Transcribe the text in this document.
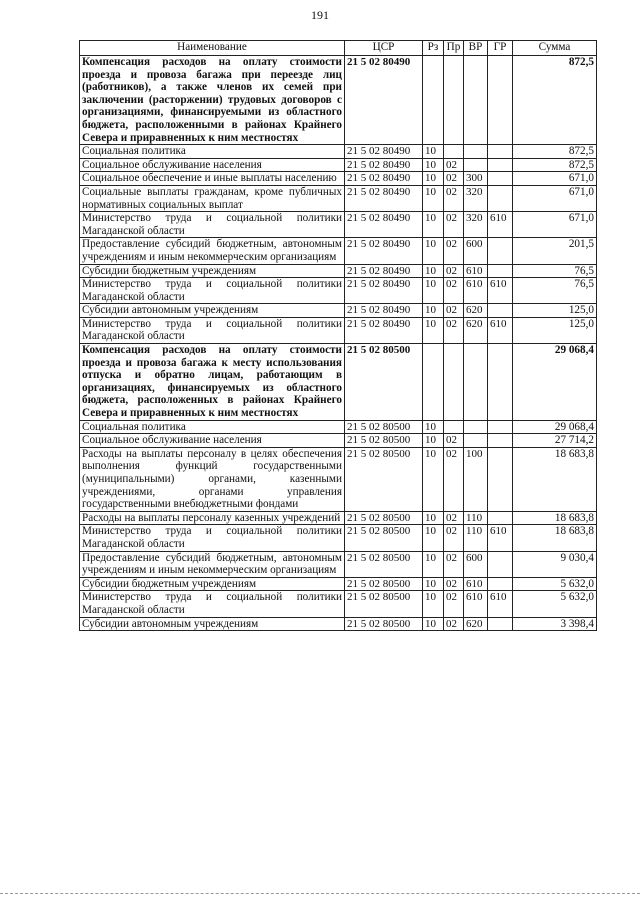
191
Наименование	ЦСР	Рз	Пр	ВР	ГР	Сумма
Компенсация расходов на оплату стоимости проезда и провоза багажа при переезде лиц (работников), а также членов их семей при заключении (расторжении) трудовых договоров с организациями, финансируемыми из областного бюджета, расположенными в районах Крайнего Севера и приравненных к ним местностях	21 5 02 80490					872,5
Социальная политика	21 5 02 80490	10				872,5
Социальное обслуживание населения	21 5 02 80490	10	02			872,5
Социальное обеспечение и иные выплаты населению	21 5 02 80490	10	02	300		671,0
Социальные выплаты гражданам, кроме публичных нормативных социальных выплат	21 5 02 80490	10	02	320		671,0
Министерство труда и социальной политики Магаданской области	21 5 02 80490	10	02	320	610	671,0
Предоставление субсидий бюджетным, автономным учреждениям и иным некоммерческим организациям	21 5 02 80490	10	02	600		201,5
Субсидии бюджетным учреждениям	21 5 02 80490	10	02	610		76,5
Министерство труда и социальной политики Магаданской области	21 5 02 80490	10	02	610	610	76,5
Субсидии автономным учреждениям	21 5 02 80490	10	02	620		125,0
Министерство труда и социальной политики Магаданской области	21 5 02 80490	10	02	620	610	125,0
Компенсация расходов на оплату стоимости проезда и провоза багажа к месту использования отпуска и обратно лицам, работающим в организациях, финансируемых из областного бюджета, расположенных в районах Крайнего Севера и приравненных к ним местностях	21 5 02 80500					29 068,4
Социальная политика	21 5 02 80500	10				29 068,4
Социальное обслуживание населения	21 5 02 80500	10	02			27 714,2
Расходы на выплаты персоналу в целях обеспечения выполнения функций государственными (муниципальными) органами, казенными учреждениями, органами управления государственными внебюджетными фондами	21 5 02 80500	10	02	100		18 683,8
Расходы на выплаты персоналу казенных учреждений	21 5 02 80500	10	02	110		18 683,8
Министерство труда и социальной политики Магаданской области	21 5 02 80500	10	02	110	610	18 683,8
Предоставление субсидий бюджетным, автономным учреждениям и иным некоммерческим организациям	21 5 02 80500	10	02	600		9 030,4
Субсидии бюджетным учреждениям	21 5 02 80500	10	02	610		5 632,0
Министерство труда и социальной политики Магаданской области	21 5 02 80500	10	02	610	610	5 632,0
Субсидии автономным учреждениям	21 5 02 80500	10	02	620		3 398,4
